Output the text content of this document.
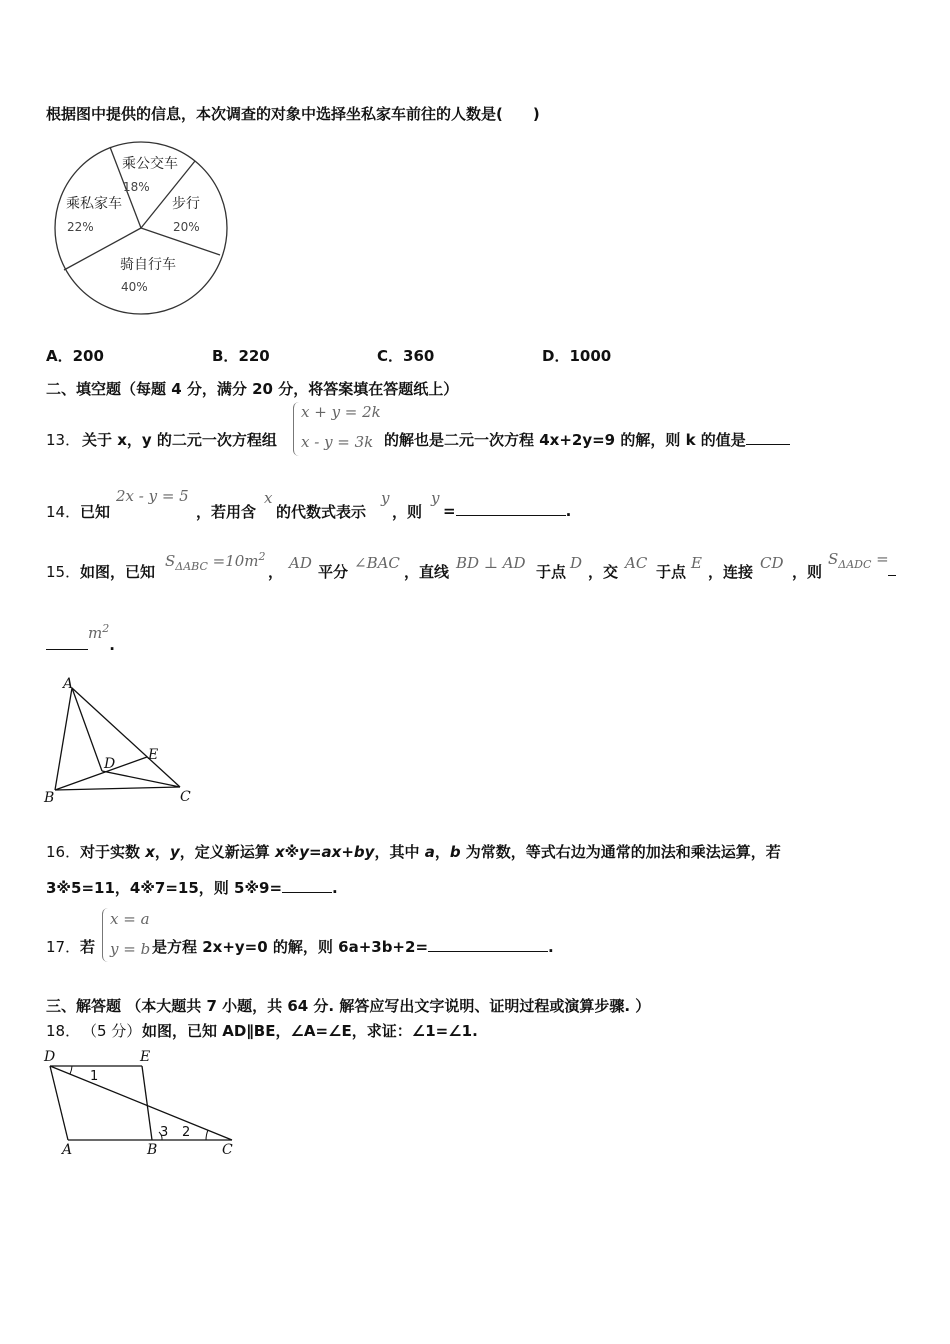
根据图中提供的信息，本次调查的对象中选择坐私家车前往的人数是(　　)
乘公交车
18%
步行
20%
骑自行车
40%
乘私家车
22%
A．200	B．220	C．360	D．1000
二、填空题（每题 4 分，满分 20 分，将答案填在答题纸上）
13． 关于 x，y 的二元一次方程组
x + y = 2k
x - y = 3k 的解也是二元一次方程 4x+2y=9 的解，则 k 的值是
14． 已知
2x - y = 5
，若用含
x
的代数式表示
y
，则
y
=	.
15． 如图，已知
$S_{\Delta ABC} =10m^2$
， AD 平分 ∠BAC ，直线 BD ⊥ AD 于点 D ，交 AC 于点 E ，连接 CD ，则
$S_{\Delta ADC}$ =
$m^2$.
A
B	C
D
E
16． 对于实数 x，y，定义新运算 x※y=ax+by，其中 a，b 为常数，等式右边为通常的加法和乘法运算，若
3※5=11，4※7=15，则 5※9=	.
17． 若
x = a
y = b 是方程 2x+y=0 的解，则 6a+3b+2=	.
三、解答题 （本大题共 7 小题，共 64 分. 解答应写出文字说明、证明过程或演算步骤. ）
18． （5 分） 如图，已知 AD∥BE，∠A=∠E，求证：∠1=∠1.
D	E
A	B	C
1
2
3
